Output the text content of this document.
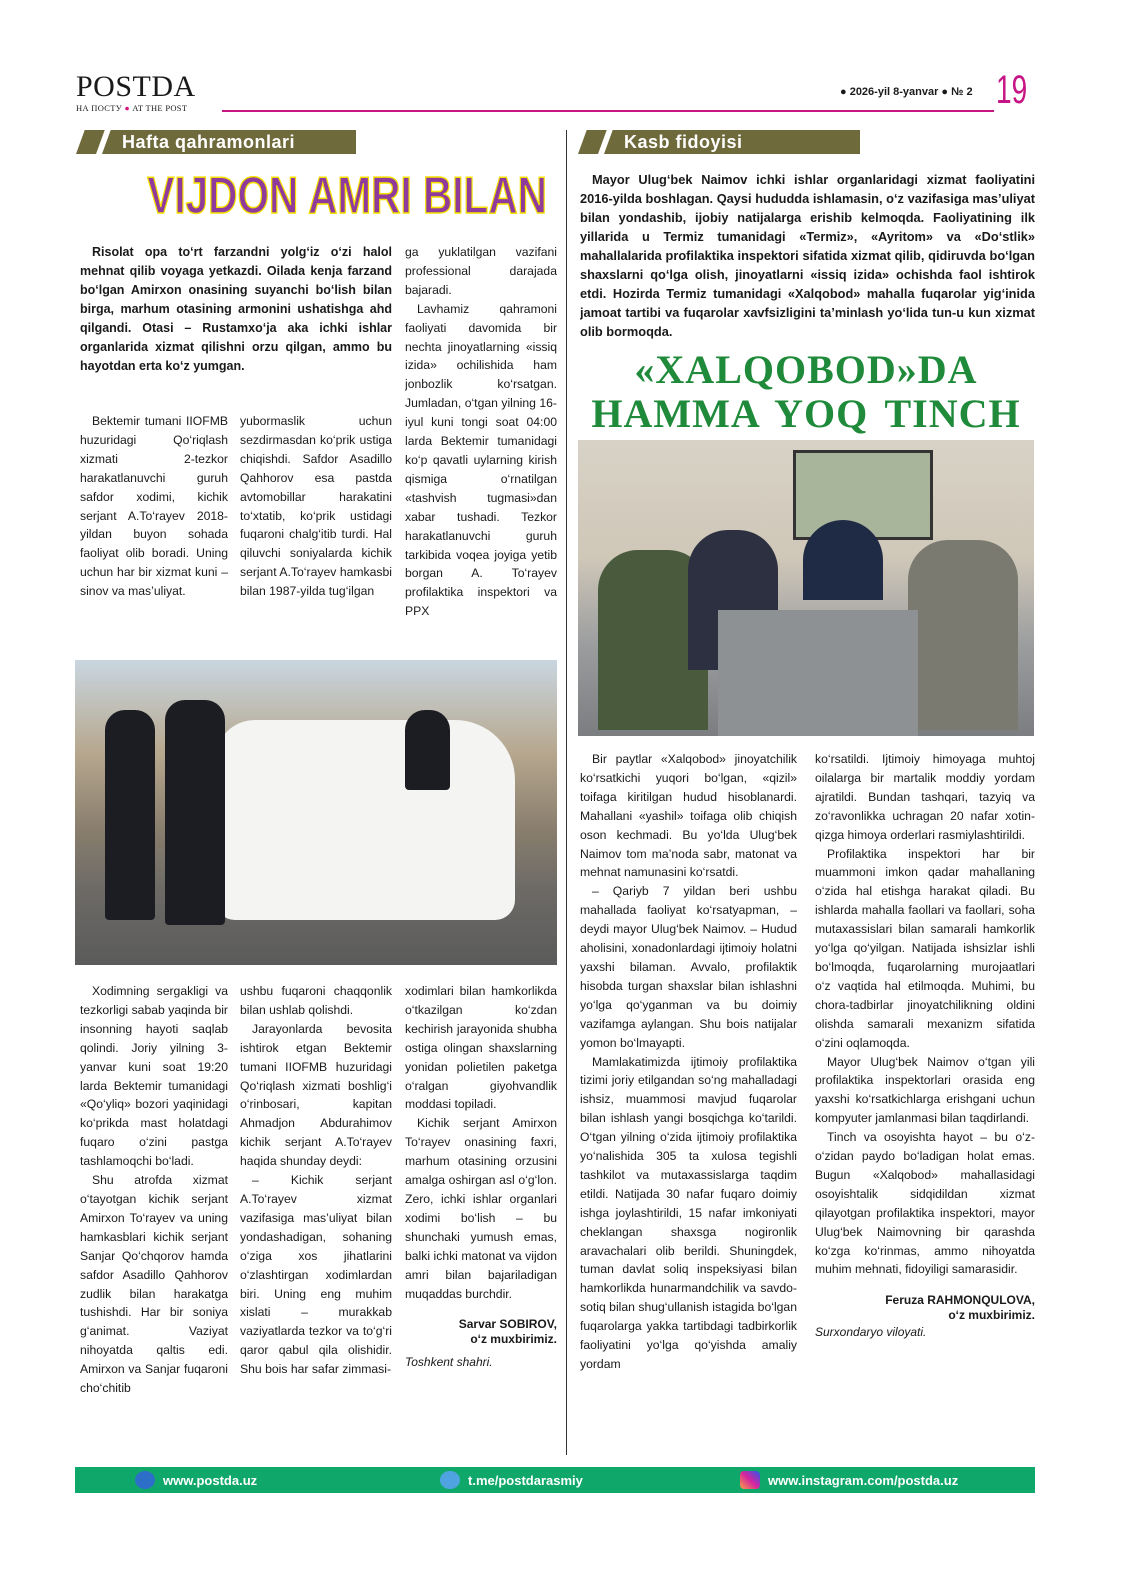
POSTDA
НА ПОСТУ ● AT THE POST
● 2026-yil 8-yanvar ● № 2 19
Hafta qahramonlari
VIJDON AMRI BILAN

Risolat opa to‘rt farzandni yolg‘iz o‘zi halol mehnat qilib voyaga yetkazdi. Oilada kenja farzand bo‘lgan Amirxon onasining suyanchi bo‘lish bilan birga, marhum otasining armonini ushatishga ahd qilgandi. Otasi – Rustamxo‘ja aka ichki ishlar organlarida xizmat qilishni orzu qilgan, ammo bu hayotdan erta ko‘z yumgan.

Bektemir tumani IIOFMB huzuridagi Qo‘riqlash xizmati 2-tezkor harakatlanuvchi guruh safdor xodimi, kichik serjant A.To‘rayev 2018-yildan buyon sohada faoliyat olib boradi. Uning uchun har bir xizmat kuni – sinov va mas’uliyat.

yubormaslik uchun sezdirmasdan ko‘prik ustiga chiqishdi. Safdor Asadillo Qahhorov esa pastda avtomobillar harakatini to‘xtatib, ko‘prik ustidagi fuqaroni chalg‘itib turdi. Hal qiluvchi soniyalarda kichik serjant A.To‘rayev hamkasbi bilan 1987-yilda tug‘ilgan

ga yuklatilgan vazifani professional darajada bajaradi.

Lavhamiz qahramoni faoliyati davomida bir nechta jinoyatlarning «issiq izida» ochilishida ham jonbozlik ko‘rsatgan. Jumladan, o‘tgan yilning 16-iyul kuni tongi soat 04:00 larda Bektemir tumanidagi ko‘p qavatli uylarning kirish qismiga o‘rnatilgan «tashvish tugmasi»dan xabar tushadi. Tezkor harakatlanuvchi guruh tarkibida voqea joyiga yetib borgan A. To‘rayev profilaktika inspektori va PPX

Xodimning sergakligi va tezkorligi sabab yaqinda bir insonning hayoti saqlab qolindi. Joriy yilning 3-yanvar kuni soat 19:20 larda Bektemir tumanidagi «Qo‘yliq» bozori yaqinidagi ko‘prikda mast holatdagi fuqaro o‘zini pastga tashlamoqchi bo‘ladi.

Shu atrofda xizmat o‘tayotgan kichik serjant Amirxon To‘rayev va uning hamkasblari kichik serjant Sanjar Qo‘chqorov hamda safdor Asadillo Qahhorov zudlik bilan harakatga tushishdi. Har bir soniya g‘animat. Vaziyat nihoyatda qaltis edi. Amirxon va Sanjar fuqaroni cho‘chitib

ushbu fuqaroni chaqqonlik bilan ushlab qolishdi.

Jarayonlarda bevosita ishtirok etgan Bektemir tumani IIOFMB huzuridagi Qo‘riqlash xizmati boshlig‘i o‘rinbosari, kapitan Ahmadjon Abdurahimov kichik serjant A.To‘rayev haqida shunday deydi:

– Kichik serjant A.To‘rayev xizmat vazifasiga mas’uliyat bilan yondashadigan, sohaning o‘ziga xos jihatlarini o‘zlashtirgan xodimlardan biri. Uning eng muhim xislati – murakkab vaziyatlarda tezkor va to‘g‘ri qaror qabul qila olishidir. Shu bois har safar zimmasi-

xodimlari bilan hamkorlikda o‘tkazilgan ko‘zdan kechirish jarayonida shubha ostiga olingan shaxslarning yonidan polietilen paketga o‘ralgan giyohvandlik moddasi topiladi.

Kichik serjant Amirxon To‘rayev onasining faxri, marhum otasining orzusini amalga oshirgan asl o‘g‘lon. Zero, ichki ishlar organlari xodimi bo‘lish – bu shunchaki yumush emas, balki ichki matonat va vijdon amri bilan bajariladigan muqaddas burchdir.

Sarvar SOBIROV,

o‘z muxbirimiz.

Toshkent shahri.

Kasb fidoyisi

Mayor Ulug‘bek Naimov ichki ishlar organlaridagi xizmat faoliyatini 2016-yilda boshlagan. Qaysi hududda ishlamasin, o‘z vazifasiga mas’uliyat bilan yondashib, ijobiy natijalarga erishib kelmoqda. Faoliyatining ilk yillarida u Termiz tumanidagi «Termiz», «Ayritom» va «Do‘stlik» mahallalarida profilaktika inspektori sifatida xizmat qilib, qidiruvda bo‘lgan shaxslarni qo‘lga olish, jinoyatlarni «issiq izida» ochishda faol ishtirok etdi. Hozirda Termiz tumanidagi «Xalqobod» mahalla fuqarolar yig‘inida jamoat tartibi va fuqarolar xavfsizligini ta’minlash yo‘lida tun-u kun xizmat olib bormoqda.

«XALQOBOD»DA
HAMMA YOQ TINCH

Bir paytlar «Xalqobod» jinoyatchilik ko‘rsatkichi yuqori bo‘lgan, «qizil» toifaga kiritilgan hudud hisoblanardi. Mahallani «yashil» toifaga olib chiqish oson kechmadi. Bu yo‘lda Ulug‘bek Naimov tom ma’noda sabr, matonat va mehnat namunasini ko‘rsatdi.

– Qariyb 7 yildan beri ushbu mahallada faoliyat ko‘rsatyapman, – deydi mayor Ulug‘bek Naimov. – Hudud aholisini, xonadonlardagi ijtimoiy holatni yaxshi bilaman. Avvalo, profilaktik hisobda turgan shaxslar bilan ishlashni yo‘lga qo‘yganman va bu doimiy vazifamga aylangan. Shu bois natijalar yomon bo‘lmayapti.

Mamlakatimizda ijtimoiy profilaktika tizimi joriy etilgandan so‘ng mahalladagi ishsiz, muammosi mavjud fuqarolar bilan ishlash yangi bosqichga ko‘tarildi. O‘tgan yilning o‘zida ijtimoiy profilaktika yo‘nalishida 305 ta xulosa tegishli tashkilot va mutaxassislarga taqdim etildi. Natijada 30 nafar fuqaro doimiy ishga joylashtirildi, 15 nafar imkoniyati cheklangan shaxsga nogironlik aravachalari olib berildi. Shuningdek, tuman davlat soliq inspeksiyasi bilan hamkorlikda hunarmandchilik va savdo-sotiq bilan shug‘ullanish istagida bo‘lgan fuqarolarga yakka tartibdagi tadbirkorlik faoliyatini yo‘lga qo‘yishda amaliy yordam

ko‘rsatildi. Ijtimoiy himoyaga muhtoj oilalarga bir martalik moddiy yordam ajratildi. Bundan tashqari, tazyiq va zo‘ravonlikka uchragan 20 nafar xotin-qizga himoya orderlari rasmiylashtirildi.

Profilaktika inspektori har bir muammoni imkon qadar mahallaning o‘zida hal etishga harakat qiladi. Bu ishlarda mahalla faollari va faollari, soha mutaxassislari bilan samarali hamkorlik yo‘lga qo‘yilgan. Natijada ishsizlar ishli bo‘lmoqda, fuqarolarning murojaatlari o‘z vaqtida hal etilmoqda. Muhimi, bu chora-tadbirlar jinoyatchilikning oldini olishda samarali mexanizm sifatida o‘zini oqlamoqda.

Mayor Ulug‘bek Naimov o‘tgan yili profilaktika inspektorlari orasida eng yaxshi ko‘rsatkichlarga erishgani uchun kompyuter jamlanmasi bilan taqdirlandi.

Tinch va osoyishta hayot – bu o‘z-o‘zidan paydo bo‘ladigan holat emas. Bugun «Xalqobod» mahallasidagi osoyishtalik sidqidildan xizmat qilayotgan profilaktika inspektori, mayor Ulug‘bek Naimovning bir qarashda ko‘zga ko‘rinmas, ammo nihoyatda muhim mehnati, fidoyiligi samarasidir.

Feruza RAHMONQULOVA,

o‘z muxbirimiz.

Surxondaryo viloyati.

www.postda.uz	t.me/postdarasmiy	www.instagram.com/postda.uz
